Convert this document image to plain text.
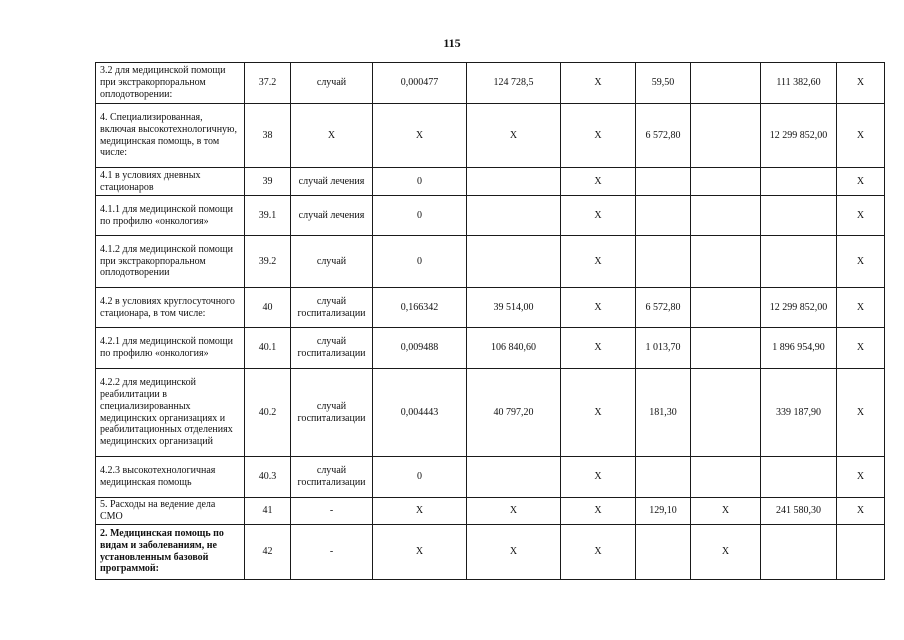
115
3.2 для медицинской помощи при экстракорпоральном оплодотворении:	37.2	случай	0,000477	124 728,5	X	59,50		111 382,60	X
4. Специализированная, включая высокотехнологичную, медицинская помощь, в том числе:	38	X	X	X	X	6 572,80		12 299 852,00	X
4.1 в условиях дневных стационаров	39	случай лечения	0		X				X
4.1.1 для медицинской помощи по профилю «онкология»	39.1	случай лечения	0		X				X
4.1.2 для медицинской помощи при экстракорпоральном оплодотворении	39.2	случай	0		X				X
4.2 в условиях круглосуточного стационара, в том числе:	40	случай госпитализации	0,166342	39 514,00	X	6 572,80		12 299 852,00	X
4.2.1 для медицинской помощи по профилю «онкология»	40.1	случай госпитализации	0,009488	106 840,60	X	1 013,70		1 896 954,90	X
4.2.2 для медицинской реабилитации в специализированных медицинских организациях и реабилитационных отделениях медицинских организаций	40.2	случай госпитализации	0,004443	40 797,20	X	181,30		339 187,90	X
4.2.3 высокотехнологичная медицинская помощь	40.3	случай госпитализации	0		X				X
5. Расходы на ведение дела СМО	41	-	X	X	X	129,10	X	241 580,30	X
2. Медицинская помощь по видам и заболеваниям, не установленным базовой программой:	42	-	X	X	X		X		
